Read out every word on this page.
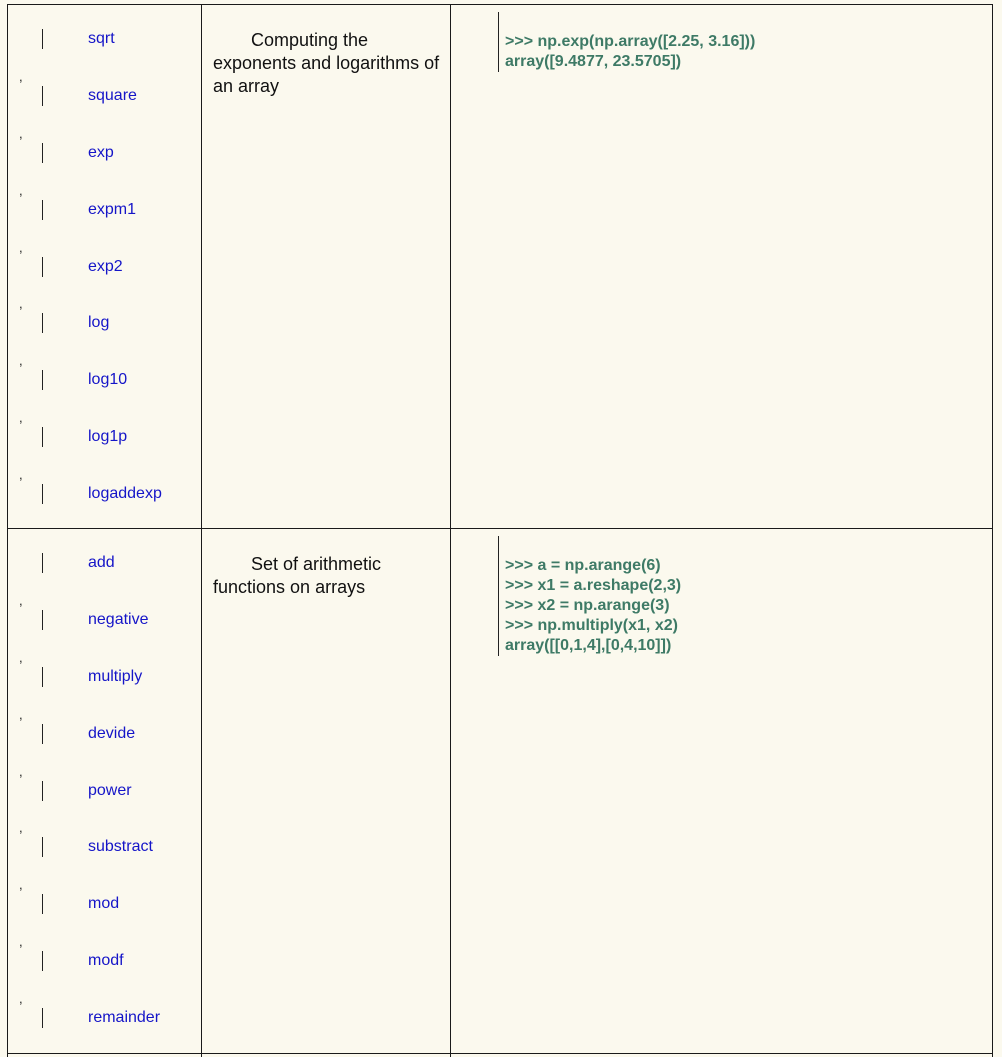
sqrt
,
square
,
exp
,
expm1
,
exp2
,
log
,
log10
,
log1p
,
logaddexp
Computing the exponents and logarithms of an array
>>> np.exp(np.array([2.25, 3.16]))
array([9.4877, 23.5705])
add
,
negative
,
multiply
,
devide
,
power
,
substract
,
mod
,
modf
,
remainder
Set of arithmetic functions on arrays
>>> a = np.arange(6)
>>> x1 = a.reshape(2,3)
>>> x2 = np.arange(3)
>>> np.multiply(x1, x2)
array([[0,1,4],[0,4,10]])
